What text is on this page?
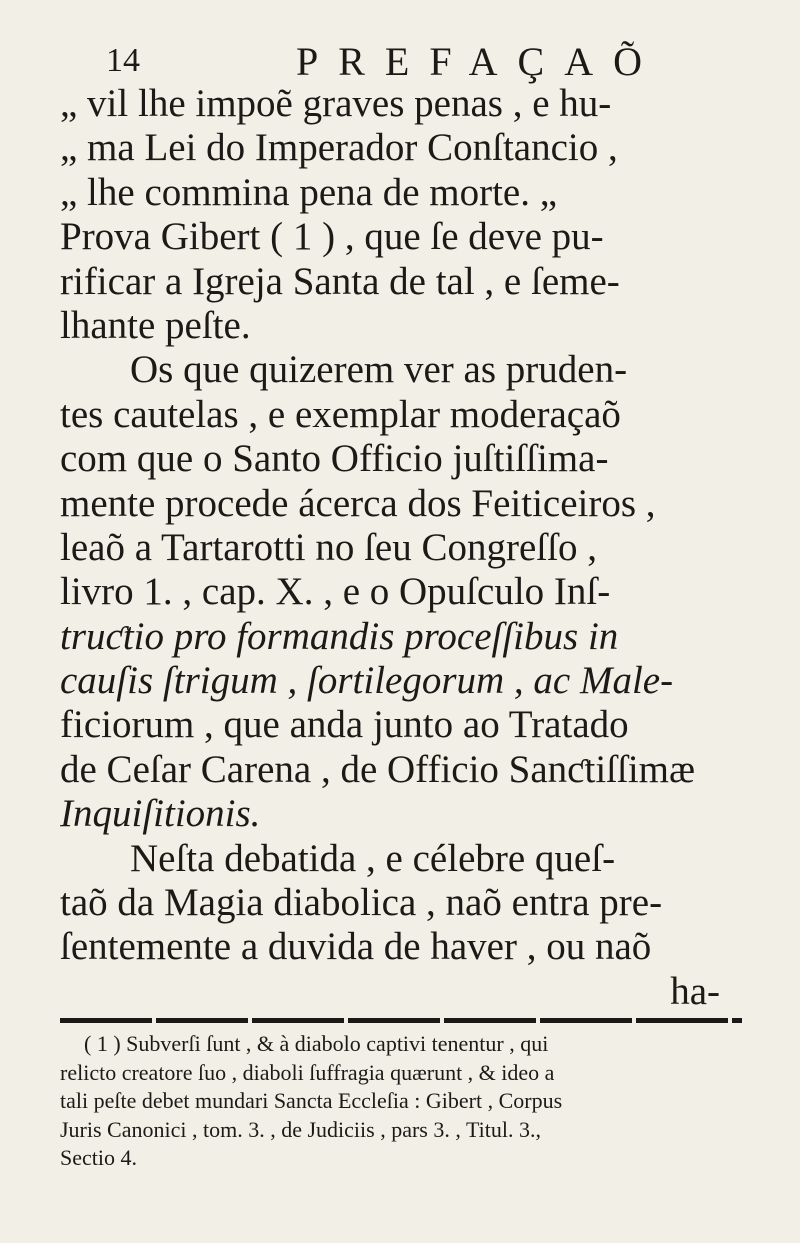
14	PREFAÇAÕ
„ vil lhe impoẽ graves penas , e hu-
„ ma Lei do Imperador Conſtancio ,
„ lhe commina pena de morte. „
Prova Gibert ( 1 ) , que ſe deve pu-
rificar a Igreja Santa de tal , e ſeme-
lhante peſte.
Os que quizerem ver as pruden-
tes cautelas , e exemplar moderaçaõ
com que o Santo Officio juſtiſſima-
mente procede ácerca dos Feiticeiros ,
leaõ a Tartarotti no ſeu Congreſſo ,
livro 1. , cap. X. , e o Opuſculo Inſ-
truƈtio pro formandis proceſſibus in
cauſis ſtrigum , ſortilegorum , ac Male-
ficiorum , que anda junto ao Tratado
de Ceſar Carena , de Officio Sanƈtiſſimæ
Inquiſitionis.
Neſta debatida , e célebre queſ-
taõ da Magia diabolica , naõ entra pre-
ſentemente a duvida de haver , ou naõ
ha-
( 1 ) Subverſi ſunt , & à diabolo captivi tenentur , qui
relicto creatore ſuo , diaboli ſuffragia quærunt , & ideo a
tali peſte debet mundari Sancta Eccleſia : Gibert , Corpus
Juris Canonici , tom. 3. , de Judiciis , pars 3. , Titul. 3.,
Sectio 4.
